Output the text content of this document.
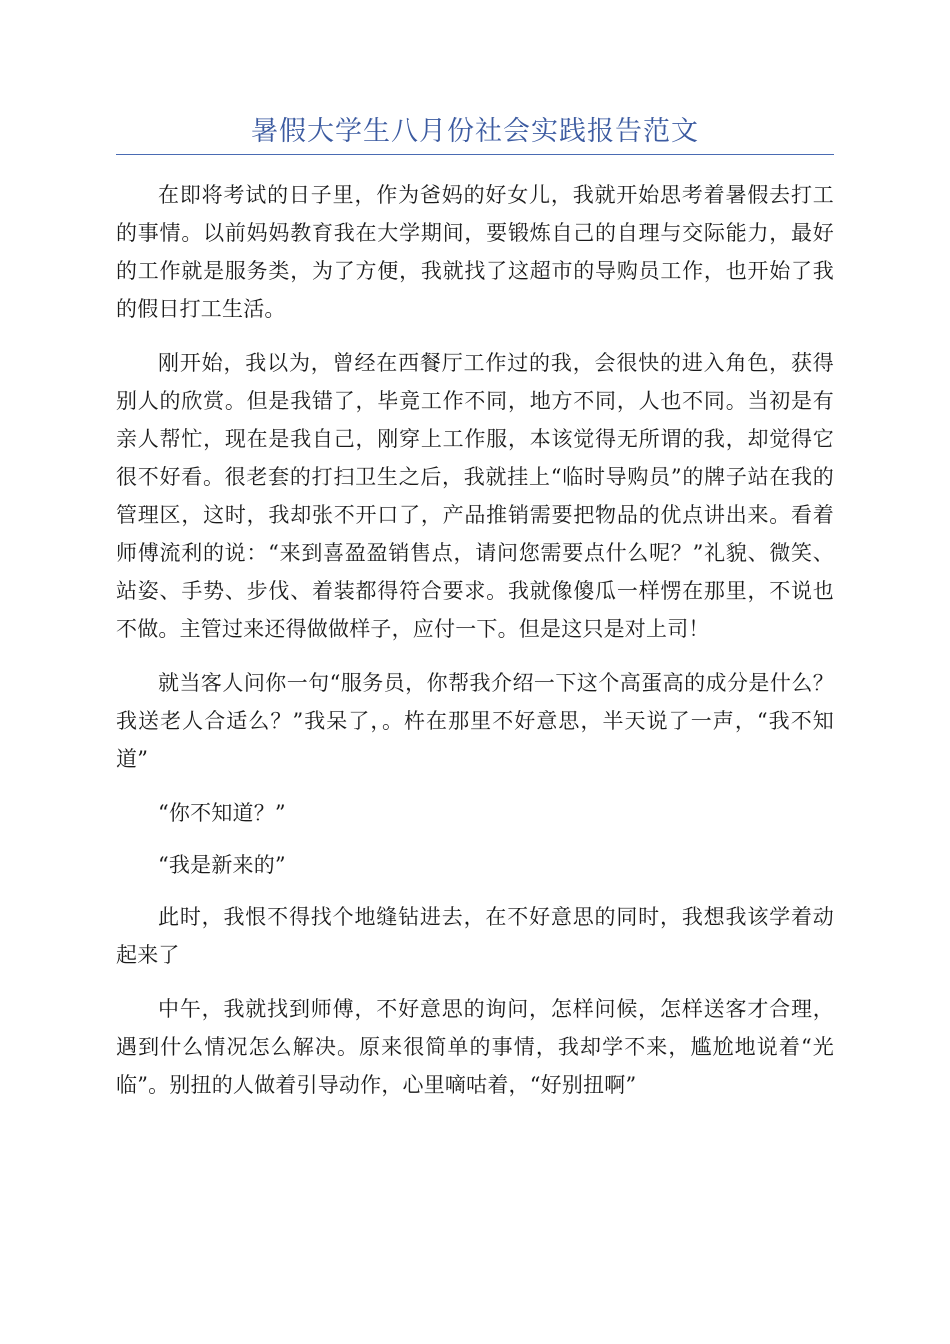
暑假大学生八月份社会实践报告范文

在即将考试的日子里，作为爸妈的好女儿，我就开始思考着暑假去打工的事情。以前妈妈教育我在大学期间，要锻炼自己的自理与交际能力，最好的工作就是服务类，为了方便，我就找了这超市的导购员工作，也开始了我的假日打工生活。

刚开始，我以为，曾经在西餐厅工作过的我，会很快的进入角色，获得别人的欣赏。但是我错了，毕竟工作不同，地方不同，人也不同。当初是有亲人帮忙，现在是我自己，刚穿上工作服，本该觉得无所谓的我，却觉得它很不好看。很老套的打扫卫生之后，我就挂上“临时导购员”的牌子站在我的管理区，这时，我却张不开口了，产品推销需要把物品的优点讲出来。看着师傅流利的说：“来到喜盈盈销售点，请问您需要点什么呢？”礼貌、微笑、站姿、手势、步伐、着装都得符合要求。我就像傻瓜一样愣在那里，不说也不做。主管过来还得做做样子，应付一下。但是这只是对上司！

就当客人问你一句“服务员，你帮我介绍一下这个高蛋高的成分是什么？我送老人合适么？”我呆了，。杵在那里不好意思，半天说了一声，“我不知道”

“你不知道？”

“我是新来的”

此时，我恨不得找个地缝钻进去，在不好意思的同时，我想我该学着动起来了

中午，我就找到师傅，不好意思的询问，怎样问候，怎样送客才合理，遇到什么情况怎么解决。原来很简单的事情，我却学不来，尴尬地说着“光临”。别扭的人做着引导动作，心里嘀咕着，“好别扭啊”
